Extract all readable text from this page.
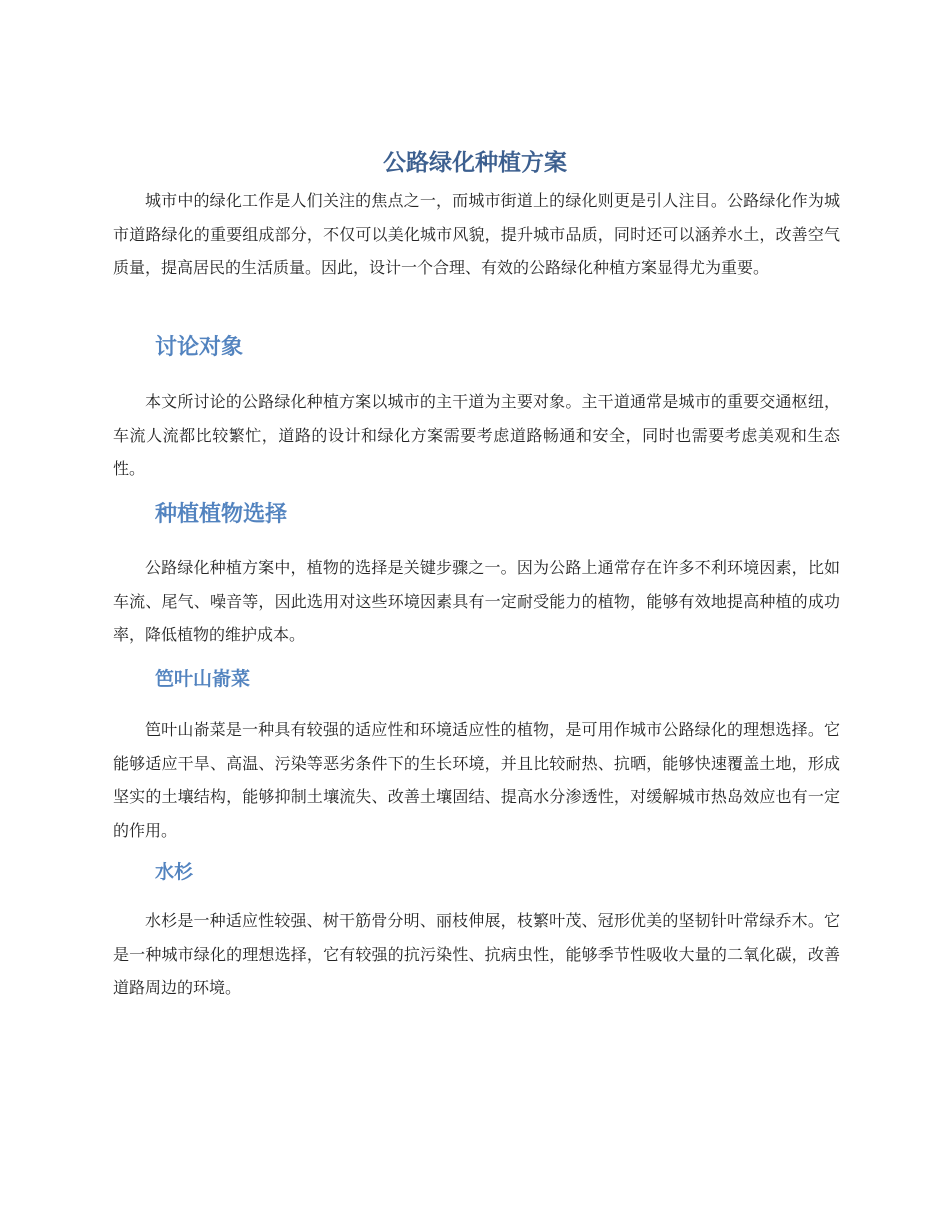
公路绿化种植方案

城市中的绿化工作是人们关注的焦点之一，而城市街道上的绿化则更是引人注目。公路绿化作为城市道路绿化的重要组成部分，不仅可以美化城市风貌，提升城市品质，同时还可以涵养水土，改善空气质量，提高居民的生活质量。因此，设计一个合理、有效的公路绿化种植方案显得尤为重要。

讨论对象

本文所讨论的公路绿化种植方案以城市的主干道为主要对象。主干道通常是城市的重要交通枢纽，车流人流都比较繁忙，道路的设计和绿化方案需要考虑道路畅通和安全，同时也需要考虑美观和生态性。

种植植物选择

公路绿化种植方案中，植物的选择是关键步骤之一。因为公路上通常存在许多不利环境因素，比如车流、尾气、噪音等，因此选用对这些环境因素具有一定耐受能力的植物，能够有效地提高种植的成功率，降低植物的维护成本。

笆叶山嵛菜

笆叶山嵛菜是一种具有较强的适应性和环境适应性的植物，是可用作城市公路绿化的理想选择。它能够适应干旱、高温、污染等恶劣条件下的生长环境，并且比较耐热、抗晒，能够快速覆盖土地，形成坚实的土壤结构，能够抑制土壤流失、改善土壤固结、提高水分渗透性，对缓解城市热岛效应也有一定的作用。

水杉

水杉是一种适应性较强、树干筋骨分明、丽枝伸展，枝繁叶茂、冠形优美的坚韧针叶常绿乔木。它是一种城市绿化的理想选择，它有较强的抗污染性、抗病虫性，能够季节性吸收大量的二氧化碳，改善道路周边的环境。
